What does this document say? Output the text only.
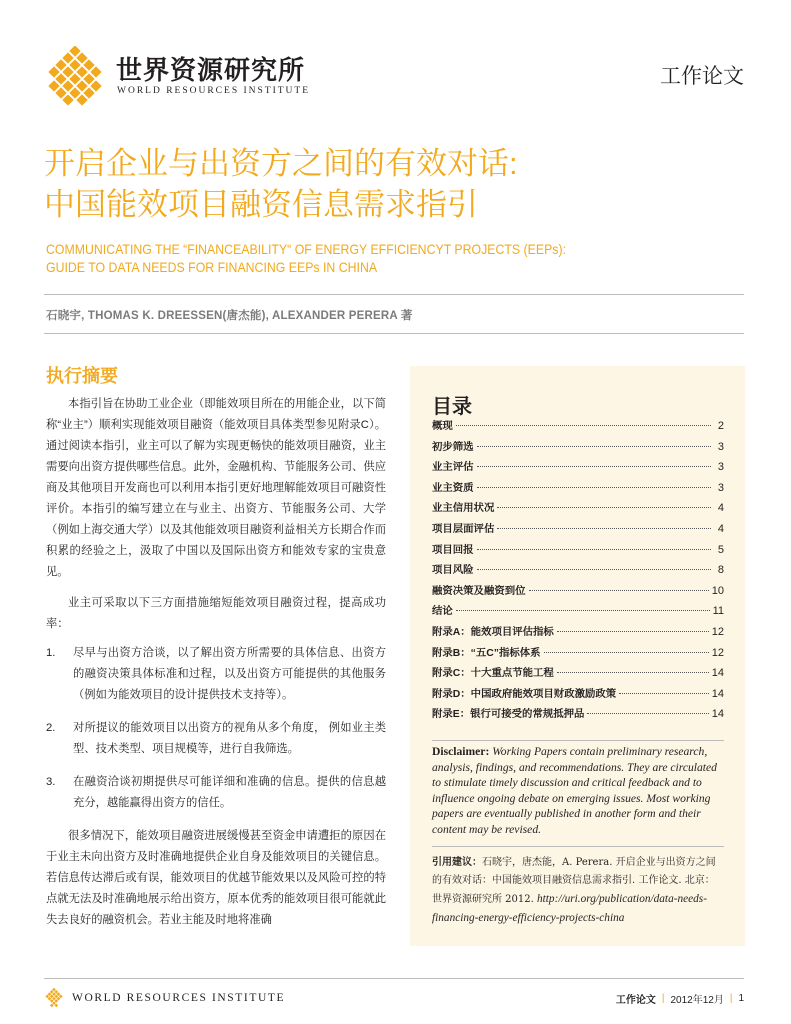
世界资源研究所
WORLD RESOURCES INSTITUTE
工作论文
开启企业与出资方之间的有效对话:
中国能效项目融资信息需求指引
COMMUNICATING THE “FINANCEABILITY“ OF ENERGY EFFICIENCYT PROJECTS (EEPs):
GUIDE TO DATA NEEDS FOR FINANCING EEPs IN CHINA
石晓宇, THOMAS K. DREESSEN(唐杰能), ALEXANDER PERERA 著
执行摘要

本指引旨在协助工业企业（即能效项目所在的用能企业，以下简称“业主”）顺利实现能效项目融资（能效项目具体类型参见附录C）。通过阅读本指引，业主可以了解为实现更畅快的能效项目融资，业主需要向出资方提供哪些信息。此外，金融机构、节能服务公司、供应商及其他项目开发商也可以利用本指引更好地理解能效项目可融资性评价。本指引的编写建立在与业主、出资方、节能服务公司、大学（例如上海交通大学）以及其他能效项目融资利益相关方长期合作而积累的经验之上，汲取了中国以及国际出资方和能效专家的宝贵意见。

业主可采取以下三方面措施缩短能效项目融资过程，提高成功率：

1. 尽早与出资方洽谈，以了解出资方所需要的具体信息、出资方的融资决策具体标准和过程，以及出资方可能提供的其他服务（例如为能效项目的设计提供技术支持等）。
2. 对所提议的能效项目以出资方的视角从多个角度， 例如业主类型、技术类型、项目规模等，进行自我筛选。
3. 在融资洽谈初期提供尽可能详细和准确的信息。提供的信息越充分，越能赢得出资方的信任。

很多情况下，能效项目融资进展缓慢甚至资金申请遭拒的原因在于业主未向出资方及时准确地提供企业自身及能效项目的关键信息。若信息传达滞后或有误，能效项目的优越节能效果以及风险可控的特点就无法及时准确地展示给出资方，原本优秀的能效项目很可能就此失去良好的融资机会。若业主能及时地将准确

目录
概现	2
初步筛选	3
业主评估	3
业主资质	3
业主信用状况	4
项目层面评估	4
项目回报	5
项目风险	8
融资决策及融资到位	10
结论	11
附录A：能效项目评估指标	12
附录B：“五C”指标体系	12
附录C：十大重点节能工程	14
附录D：中国政府能效项目财政激励政策	14
附录E：银行可接受的常规抵押品	14
Disclaimer: Working Papers contain preliminary research, analysis, findings, and recommendations. They are circulated to stimulate timely discussion and critical feedback and to influence ongoing debate on emerging issues. Most working papers are eventually published in another form and their content may be revised.
引用建议：石晓宇，唐杰能，A. Perera. 开启企业与出资方之间的有效对话：中国能效项目融资信息需求指引. 工作论文. 北京：世界资源研究所 2012. http://uri.org/publication/data-needs-financing-energy-efficiency-projects-china
WORLD RESOURCES INSTITUTE	工作论文 | 2012年12月 | 1
